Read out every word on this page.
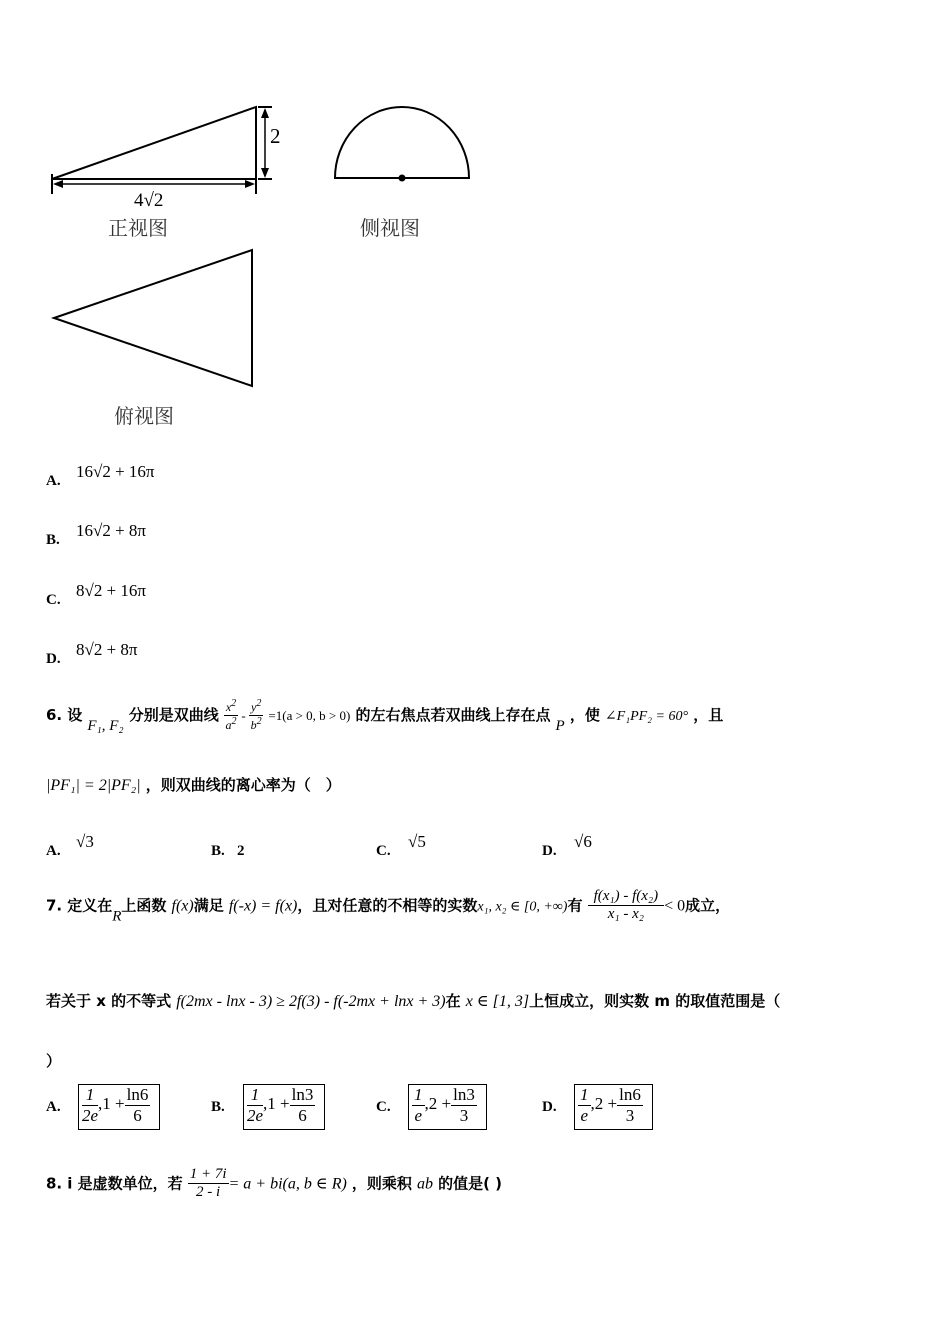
2
4√2
正视图	侧视图
俯视图
A. 16√2 + 16π
B. 16√2 + 8π
C. 8√2 + 16π
D. 8√2 + 8π
6. 设 F₁, F₂ 分别是双曲线 $\frac{x^2}{a^2} - \frac{y^2}{b^2} =1(a > 0$, b > 0) 的左右焦点若双曲线上存在点 P ，使 ∠F₁PF₂ = 60° ，且
|PF₁| = 2|PF₂| ，则双曲线的离心率为（　）
A. √3	B. 2	C. √5	D. √6
7. 定义在R上函数 f(x)满足 f(-x) = f(x)，且对任意的不相等的实数x₁, x₂ ∈ [0, +∞)有 $\frac{\text{f(x₁) - f(x₂)}}{\text{x₁ - x₂}} < 0$成立，
若关于 x 的不等式 f(2mx - lnx - 3) ≥ 2f(3) - f(-2mx + lnx + 3)在 x ∈ [1, 3]上恒成立，则实数 m 的取值范围是（
）
A. $\frac{1}{2e} ,1 + \frac{\ln 6}{6}$	B. $\frac{1}{2e} ,1 + \frac{\ln 3}{6}$	C. $\frac{1}{e} ,2 + \frac{\ln 3}{3}$	D. $\frac{1}{e} ,2 + \frac{\ln 6}{3}$
8. i 是虚数单位，若 $\frac{1 + 7i}{2 - i} = a + bi(a$, b ∈ R) ，则乘积 ab 的值是( )
